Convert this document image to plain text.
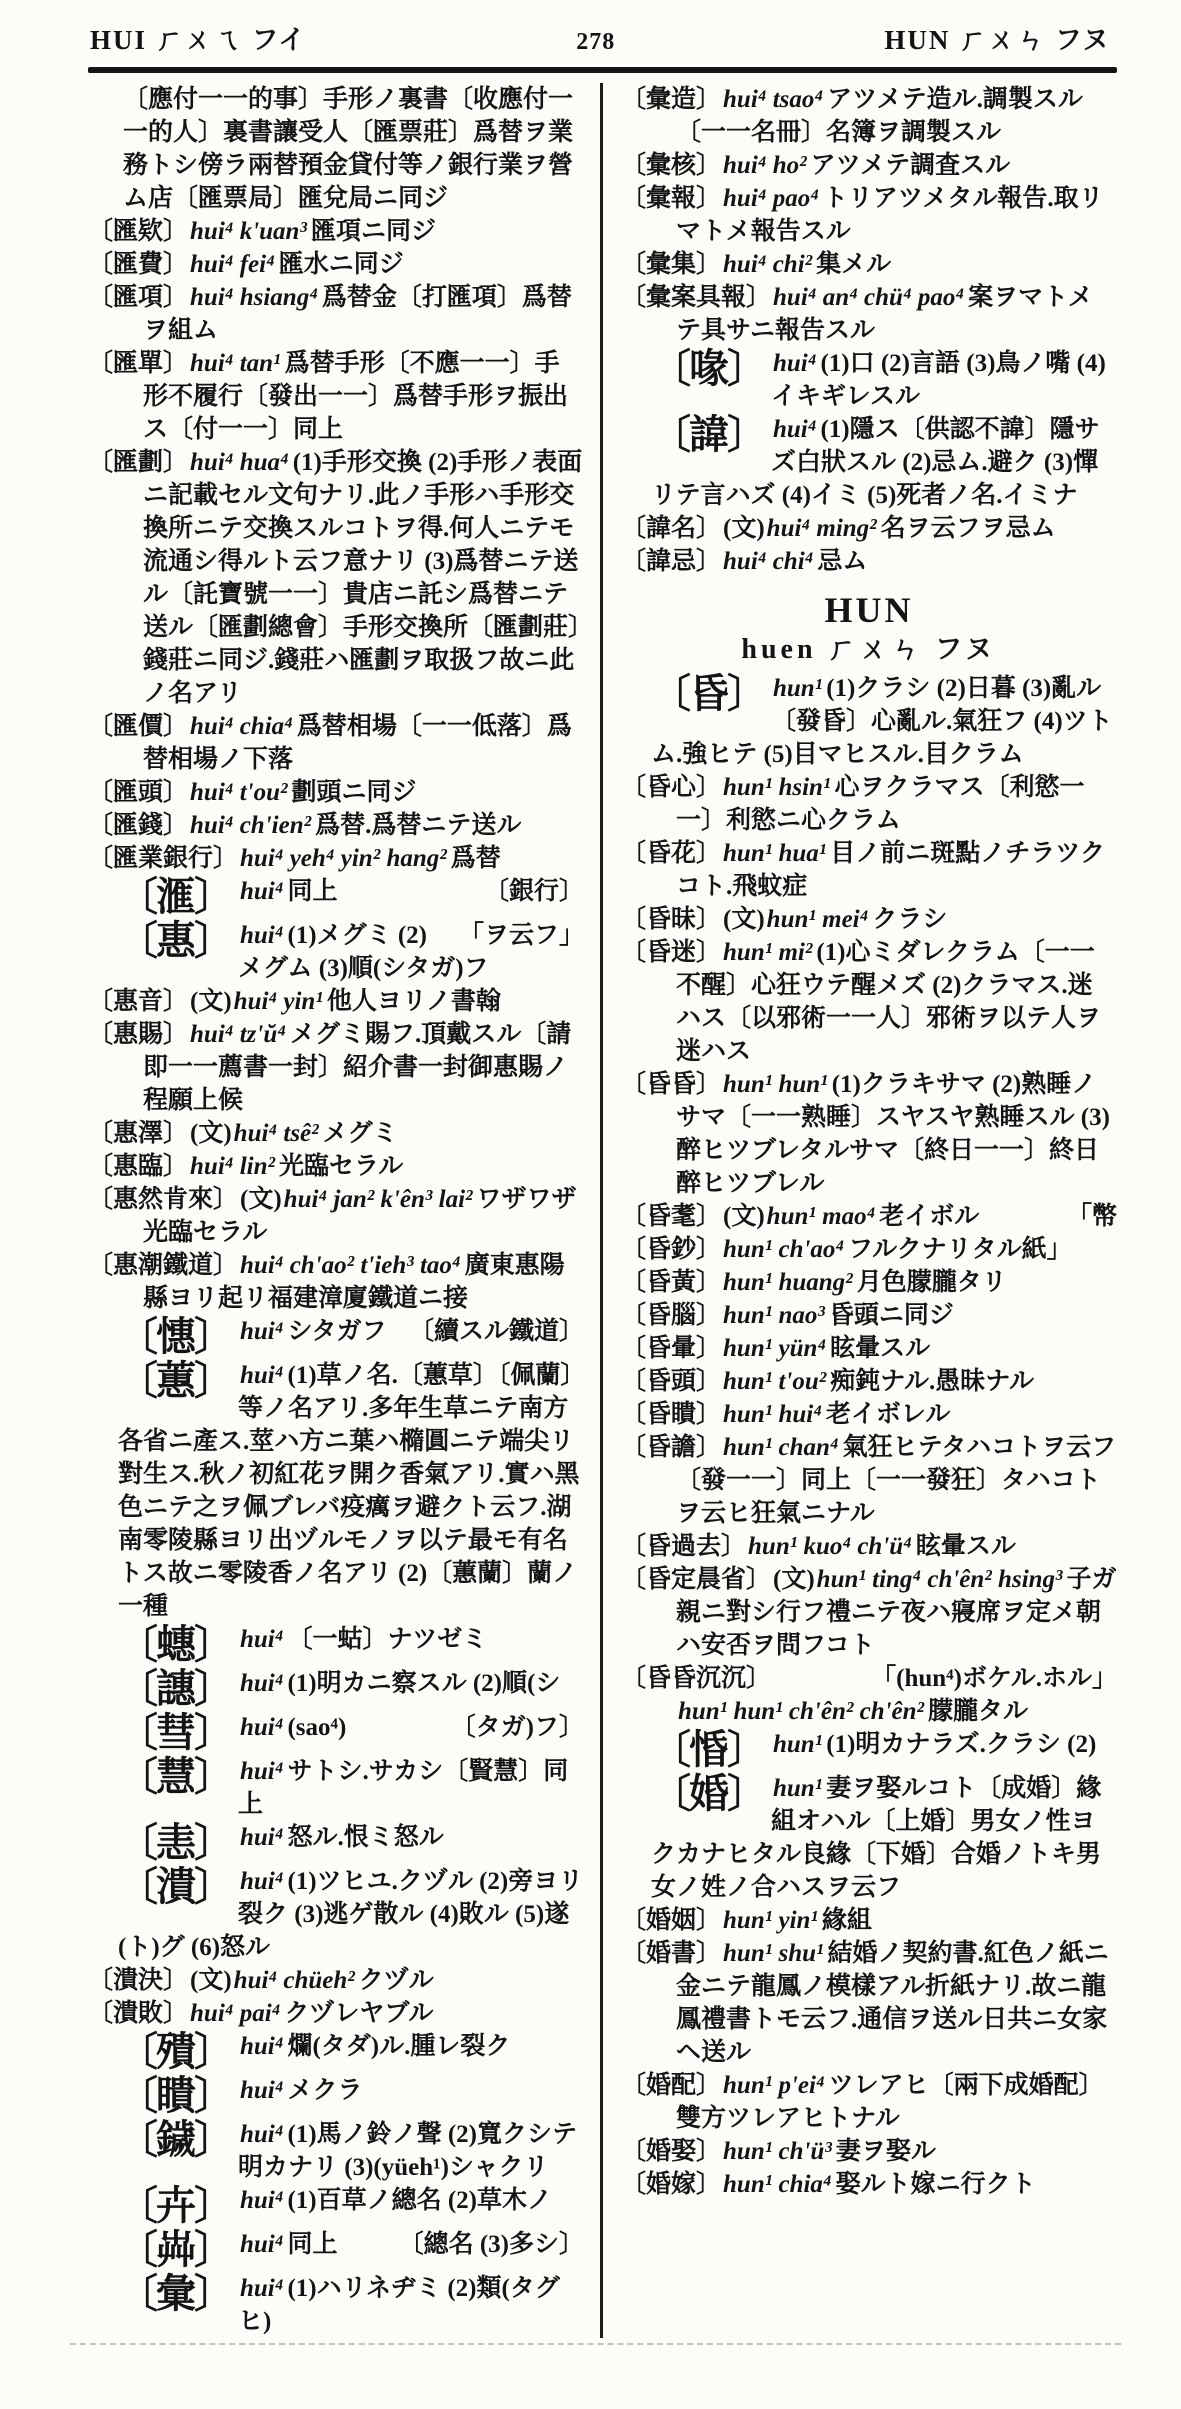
HUI ㄏㄨㄟ フイ	278	HUN ㄏㄨㄣ フヌ
〔應付一一的事〕手形ノ裏書〔收應付一一的人〕裏書讓受人〔匯票莊〕爲替ヲ業務トシ傍ラ兩替預金貸付等ノ銀行業ヲ營ム店〔匯票局〕匯兌局ニ同ジ
〔匯欵〕hui⁴ k'uan³ 匯項ニ同ジ
〔匯費〕hui⁴ fei⁴ 匯水ニ同ジ
〔匯項〕hui⁴ hsiang⁴ 爲替金〔打匯項〕爲替ヲ組ム
〔匯單〕hui⁴ tan¹ 爲替手形〔不應一一〕手形不履行〔發出一一〕爲替手形ヲ振出ス〔付一一〕同上
〔匯劃〕hui⁴ hua⁴ (1)手形交換 (2)手形ノ表面ニ記載セル文句ナリ.此ノ手形ハ手形交換所ニテ交換スルコトヲ得.何人ニテモ流通シ得ルト云フ意ナリ (3)爲替ニテ送ル〔託寶號一一〕貴店ニ託シ爲替ニテ送ル〔匯劃總會〕手形交換所〔匯劃莊〕錢莊ニ同ジ.錢莊ハ匯劃ヲ取扱フ故ニ此ノ名アリ
〔匯價〕hui⁴ chia⁴ 爲替相場〔一一低落〕爲替相場ノ下落
〔匯頭〕hui⁴ t'ou² 劃頭ニ同ジ
〔匯錢〕hui⁴ ch'ien² 爲替.爲替ニテ送ル
〔匯業銀行〕hui⁴ yeh⁴ yin² hang² 爲替
〔銀行〕
〔滙〕 hui⁴ 同上
「ヲ云フ」
〔惠〕 hui⁴ (1)メグミ (2)メグム (3)順(シタガ)フ
〔惠音〕(文)hui⁴ yin¹ 他人ヨリノ書翰
〔惠賜〕hui⁴ tz'ŭ⁴ メグミ賜フ.頂戴スル〔請即一一薦書一封〕紹介書一封御惠賜ノ程願上候
〔惠澤〕(文)hui⁴ tsê² メグミ
〔惠臨〕hui⁴ lin² 光臨セラル
〔惠然肯來〕(文)hui⁴ jan² k'ên³ lai² ワザワザ光臨セラル
〔惠潮鐵道〕hui⁴ ch'ao² t'ieh³ tao⁴ 廣東惠陽縣ヨリ起リ福建漳廈鐵道ニ接
〔續スル鐵道〕
〔憓〕 hui⁴ シタガフ
〔蕙〕 hui⁴ (1)草ノ名.〔蕙草〕〔佩蘭〕等ノ名アリ.多年生草ニテ南方各省ニ產ス.莖ハ方ニ葉ハ橢圓ニテ端尖リ對生ス.秋ノ初紅花ヲ開ク香氣アリ.實ハ黑色ニテ之ヲ佩ブレバ疫癘ヲ避クト云フ.湖南零陵縣ヨリ出ヅルモノヲ以テ最モ有名トス故ニ零陵香ノ名アリ (2)〔蕙蘭〕蘭ノ一種
〔蟪〕 hui⁴ 〔一蛄〕ナツゼミ
〔譓〕 hui⁴ (1)明カニ察スル (2)順(シ
〔タガ)フ〕
〔彗〕 hui⁴ (sao⁴)
〔慧〕 hui⁴ サトシ.サカシ〔賢慧〕同上
〔恚〕 hui⁴ 怒ル.恨ミ怒ル
〔潰〕 hui⁴ (1)ツヒユ.クヅル (2)旁ヨリ裂ク (3)逃ゲ散ル (4)敗ル (5)遂(ト)グ (6)怒ル
〔潰決〕(文)hui⁴ chüeh² クヅル
〔潰敗〕hui⁴ pai⁴ クヅレヤブル
〔殨〕 hui⁴ 爛(タダ)ル.腫レ裂ク
〔瞶〕 hui⁴ メクラ
〔鐬〕 hui⁴ (1)馬ノ鈴ノ聲 (2)寬クシテ明カナリ (3)(yüeh¹)シャクリ
〔卉〕 hui⁴ (1)百草ノ總名 (2)草木ノ
〔總名 (3)多シ〕
〔芔〕 hui⁴ 同上
〔彙〕 hui⁴ (1)ハリネヂミ (2)類(タグヒ)
〔彙造〕hui⁴ tsao⁴ アツメテ造ル.調製スル〔一一名冊〕名簿ヲ調製スル
〔彙核〕hui⁴ ho² アツメテ調査スル
〔彙報〕hui⁴ pao⁴ トリアツメタル報告.取リマトメ報告スル
〔彙集〕hui⁴ chi² 集メル
〔彙案具報〕hui⁴ an⁴ chü⁴ pao⁴ 案ヲマトメテ具サニ報告スル
〔喙〕 hui⁴ (1)口 (2)言語 (3)鳥ノ嘴 (4)イキギレスル
〔諱〕 hui⁴ (1)隱ス〔供認不諱〕隱サズ白狀スル (2)忌ム.避ク (3)憚リテ言ハズ (4)イミ (5)死者ノ名.イミナ
〔諱名〕(文)hui⁴ ming² 名ヲ云フヲ忌ム
〔諱忌〕hui⁴ chi⁴ 忌ム
HUN
huen ㄏㄨㄣ フヌ
〔昏〕 hun¹ (1)クラシ (2)日暮 (3)亂ル〔發昏〕心亂ル.氣狂フ (4)ツトム.強ヒテ (5)目マヒスル.目クラム
〔昏心〕hun¹ hsin¹ 心ヲクラマス〔利慾一一〕利慾ニ心クラム
〔昏花〕hun¹ hua¹ 目ノ前ニ斑點ノチラツクコト.飛蚊症
〔昏昧〕(文)hun¹ mei⁴ クラシ
〔昏迷〕hun¹ mi² (1)心ミダレクラム〔一一不醒〕心狂ウテ醒メズ (2)クラマス.迷ハス〔以邪術一一人〕邪術ヲ以テ人ヲ迷ハス
〔昏昏〕hun¹ hun¹ (1)クラキサマ (2)熟睡ノサマ〔一一熟睡〕スヤスヤ熟睡スル (3)醉ヒツブレタルサマ〔終日一一〕終日醉ヒツブレル
「幣
〔昏耄〕(文)hun¹ mao⁴ 老イボル
〔昏鈔〕hun¹ ch'ao⁴ フルクナリタル紙」
〔昏黃〕hun¹ huang² 月色朦朧タリ
〔昏腦〕hun¹ nao³ 昏頭ニ同ジ
〔昏暈〕hun¹ yün⁴ 眩暈スル
〔昏頭〕hun¹ t'ou² 痴鈍ナル.愚昧ナル
〔昏瞶〕hun¹ hui⁴ 老イボレル
〔昏譫〕hun¹ chan⁴ 氣狂ヒテタハコトヲ云フ〔發一一〕同上〔一一發狂〕タハコトヲ云ヒ狂氣ニナル
〔昏過去〕hun¹ kuo⁴ ch'ü⁴ 眩暈スル
〔昏定晨省〕(文)hun¹ ting⁴ ch'ên² hsing³ 子ガ親ニ對シ行フ禮ニテ夜ハ寢席ヲ定メ朝ハ安否ヲ問フコト
「(hun⁴)ボケル.ホル」
〔昏昏沉沉〕hun¹ hun¹ ch'ên² ch'ên² 朦朧タル
〔惛〕 hun¹ (1)明カナラズ.クラシ (2)
〔婚〕 hun¹ 妻ヲ娶ルコト〔成婚〕緣組オハル〔上婚〕男女ノ性ヨクカナヒタル良緣〔下婚〕合婚ノトキ男女ノ姓ノ合ハスヲ云フ
〔婚姻〕hun¹ yin¹ 緣組
〔婚書〕hun¹ shu¹ 結婚ノ契約書.紅色ノ紙ニ金ニテ龍鳳ノ模樣アル折紙ナリ.故ニ龍鳳禮書トモ云フ.通信ヲ送ル日共ニ女家ヘ送ル
〔婚配〕hun¹ p'ei⁴ ツレアヒ〔兩下成婚配〕雙方ツレアヒトナル
〔婚娶〕hun¹ ch'ü³ 妻ヲ娶ル
〔婚嫁〕hun¹ chia⁴ 娶ルト嫁ニ行クト
